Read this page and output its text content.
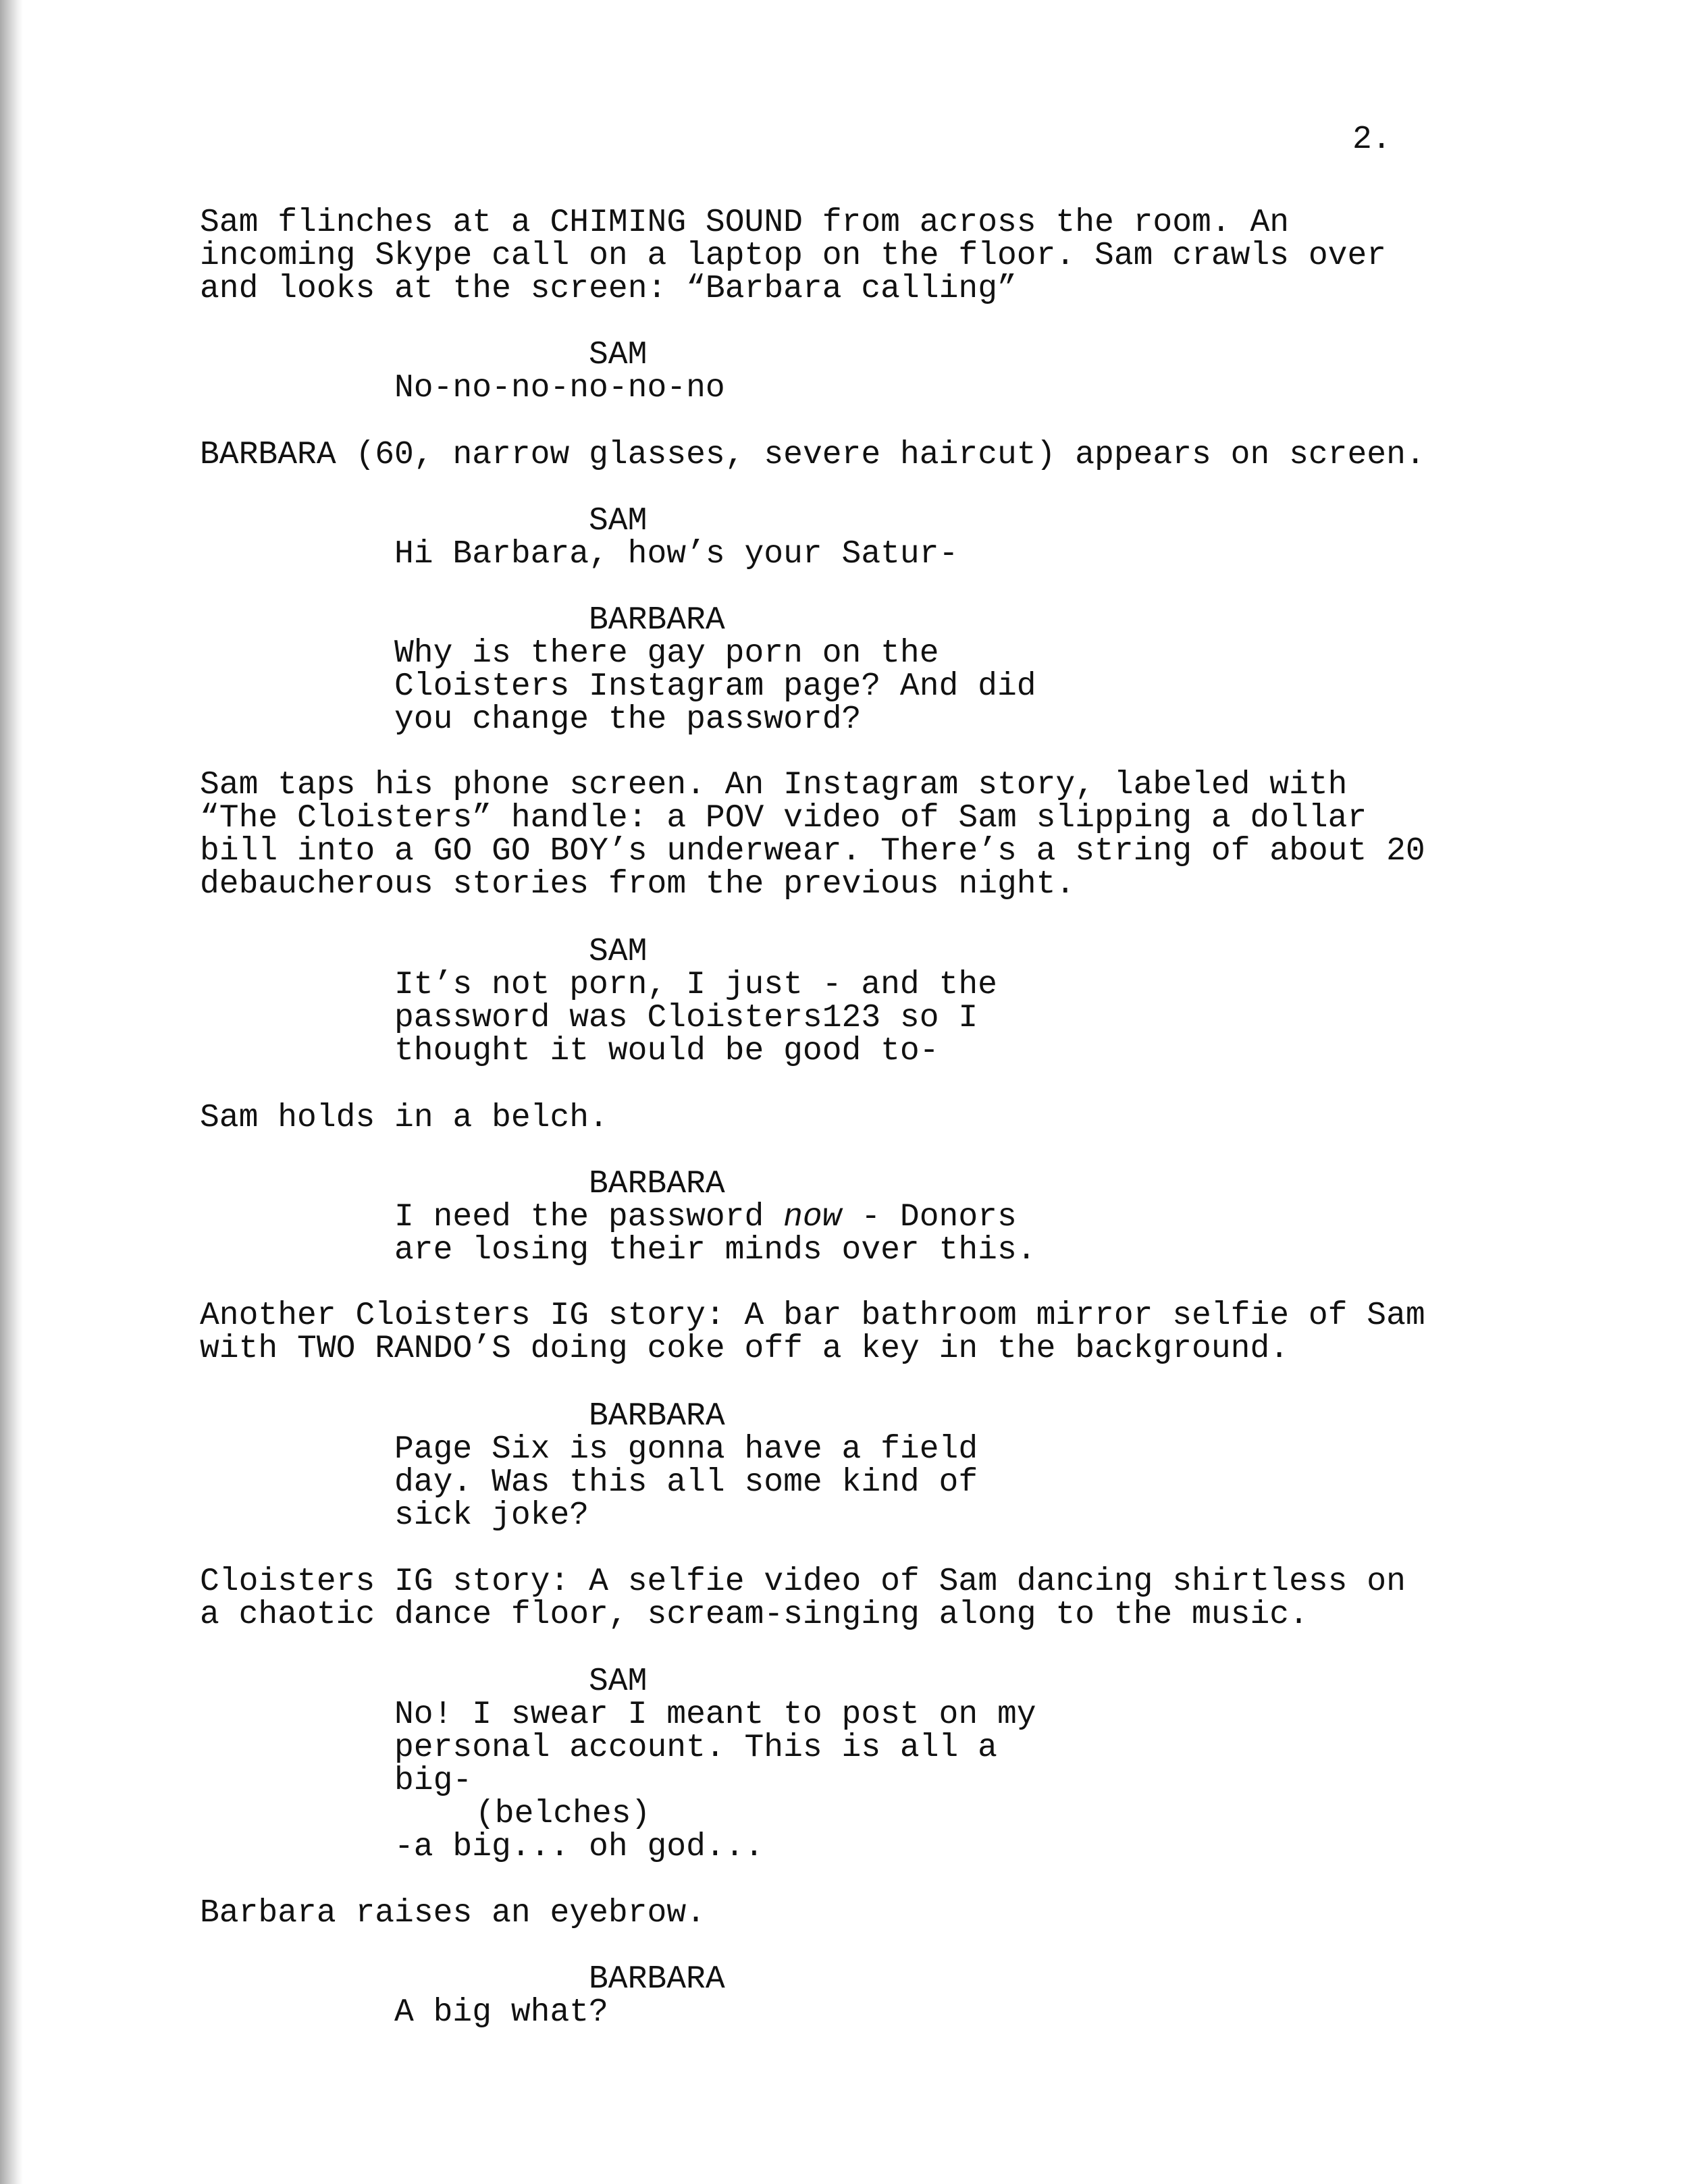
2.

Sam flinches at a CHIMING SOUND from across the room. An
incoming Skype call on a laptop on the floor. Sam crawls over
and looks at the screen: “Barbara calling”

SAM

No-no-no-no-no-no

BARBARA (60, narrow glasses, severe haircut) appears on screen.

SAM

Hi Barbara, how’s your Satur-

BARBARA

Why is there gay porn on the
Cloisters Instagram page? And did
you change the password?

Sam taps his phone screen. An Instagram story, labeled with
“The Cloisters” handle: a POV video of Sam slipping a dollar
bill into a GO GO BOY’s underwear. There’s a string of about 20
debaucherous stories from the previous night.

SAM

It’s not porn, I just - and the
password was Cloisters123 so I
thought it would be good to-

Sam holds in a belch.

BARBARA

I need the password now - Donors
are losing their minds over this.

Another Cloisters IG story: A bar bathroom mirror selfie of Sam
with TWO RANDO’S doing coke off a key in the background.

BARBARA

Page Six is gonna have a field
day. Was this all some kind of
sick joke?

Cloisters IG story: A selfie video of Sam dancing shirtless on
a chaotic dance floor, scream-singing along to the music.

SAM

No! I swear I meant to post on my
personal account. This is all a
big-

(belches)

-a big... oh god...

Barbara raises an eyebrow.

BARBARA

A big what?
